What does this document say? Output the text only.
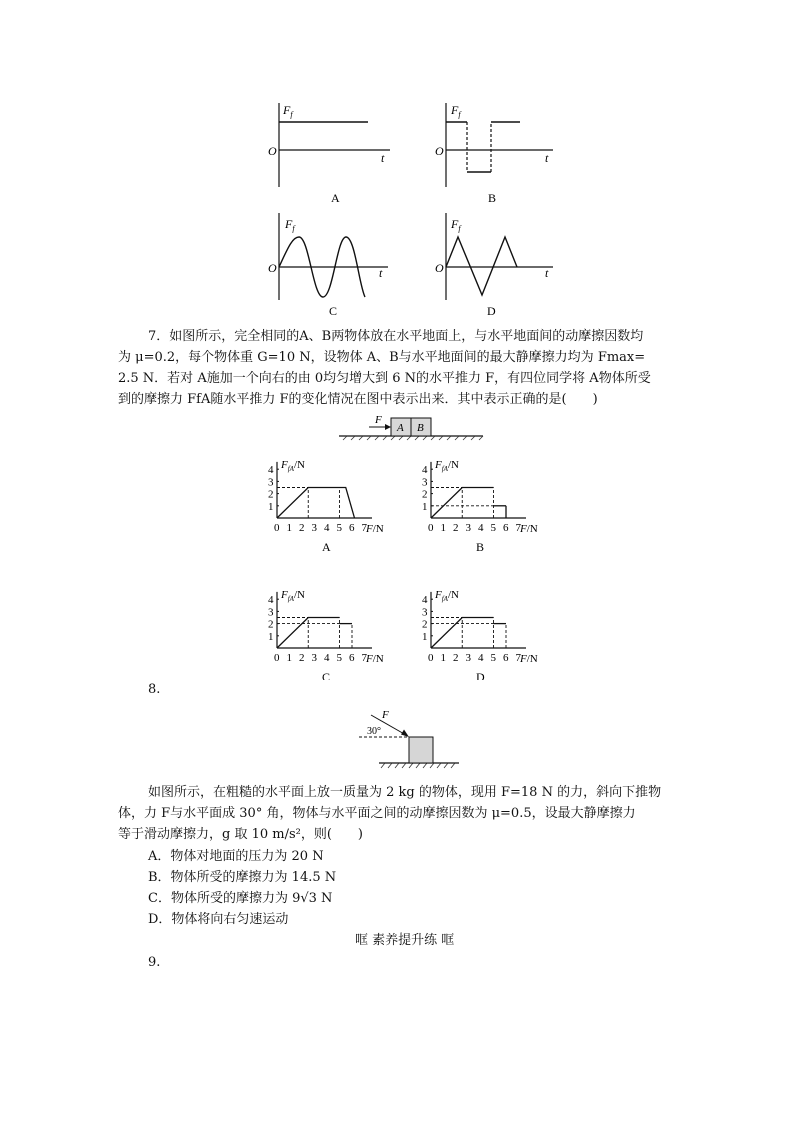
$F_f$
O	t
A
$F_f$
O	t
B
$F_f$
O	t
C
$F_f$
O	t
D
7．如图所示，完全相同的A、B两物体放在水平地面上，与水平地面间的动摩擦因数均
为 μ=0.2，每个物体重 G=10 N，设物体 A、B与水平地面间的最大静摩擦力均为 Fmax=
2.5 N．若对 A施加一个向右的由 0均匀增大到 6 N的水平推力 F，有四位同学将 A物体所受
到的摩擦力 FfA随水平推力 F的变化情况在图中表示出来．其中表示正确的是(　　)
F
A B
1
2
3
4
0 1 2 3 4 5 6 7
$F_{fA}/N$
F/N
A
1
2
3
4
0 1 2 3 4 5 6 7
$F_{fA}/N$
F/N
B
1
2
3
4
0 1 2 3 4 5 6 7
$F_{fA}/N$
F/N
C
1
2
3
4
0 1 2 3 4 5 6 7
$F_{fA}/N$
F/N
D
8.
F
30°
如图所示，在粗糙的水平面上放一质量为 2 kg 的物体，现用 F=18 N 的力，斜向下推物
体，力 F与水平面成 30° 角，物体与水平面之间的动摩擦因数为 μ=0.5，设最大静摩擦力
等于滑动摩擦力，g 取 10 m/s²，则(　　)
A．物体对地面的压力为 20 N
B．物体所受的摩擦力为 14.5 N
C．物体所受的摩擦力为 9√3 N
D．物体将向右匀速运动
哐 素养提升练 哐
9.
